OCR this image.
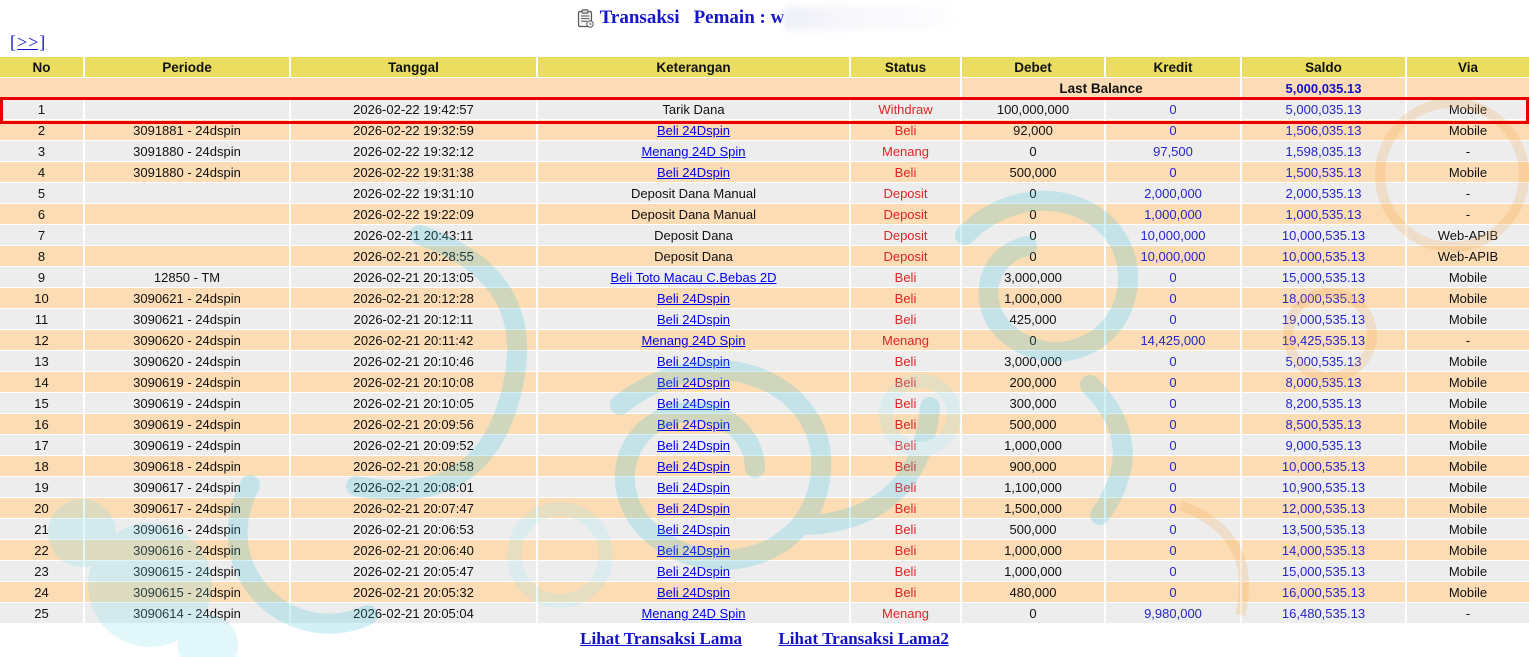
Transaksi Pemain : w
[>>]
No	Periode	Tanggal	Keterangan	Status	Debet	Kredit	Saldo	Via
					Last Balance		5,000,035.13	
1		2026-02-22 19:42:57	Tarik Dana	Withdraw	100,000,000	0	5,000,035.13	Mobile
2	3091881 - 24dspin	2026-02-22 19:32:59	Beli 24Dspin	Beli	92,000	0	1,506,035.13	Mobile
3	3091880 - 24dspin	2026-02-22 19:32:12	Menang 24D Spin	Menang	0	97,500	1,598,035.13	-
4	3091880 - 24dspin	2026-02-22 19:31:38	Beli 24Dspin	Beli	500,000	0	1,500,535.13	Mobile
5		2026-02-22 19:31:10	Deposit Dana Manual	Deposit	0	2,000,000	2,000,535.13	-
6		2026-02-22 19:22:09	Deposit Dana Manual	Deposit	0	1,000,000	1,000,535.13	-
7		2026-02-21 20:43:11	Deposit Dana	Deposit	0	10,000,000	10,000,535.13	Web-APIB
8		2026-02-21 20:28:55	Deposit Dana	Deposit	0	10,000,000	10,000,535.13	Web-APIB
9	12850 - TM	2026-02-21 20:13:05	Beli Toto Macau C.Bebas 2D	Beli	3,000,000	0	15,000,535.13	Mobile
10	3090621 - 24dspin	2026-02-21 20:12:28	Beli 24Dspin	Beli	1,000,000	0	18,000,535.13	Mobile
11	3090621 - 24dspin	2026-02-21 20:12:11	Beli 24Dspin	Beli	425,000	0	19,000,535.13	Mobile
12	3090620 - 24dspin	2026-02-21 20:11:42	Menang 24D Spin	Menang	0	14,425,000	19,425,535.13	-
13	3090620 - 24dspin	2026-02-21 20:10:46	Beli 24Dspin	Beli	3,000,000	0	5,000,535.13	Mobile
14	3090619 - 24dspin	2026-02-21 20:10:08	Beli 24Dspin	Beli	200,000	0	8,000,535.13	Mobile
15	3090619 - 24dspin	2026-02-21 20:10:05	Beli 24Dspin	Beli	300,000	0	8,200,535.13	Mobile
16	3090619 - 24dspin	2026-02-21 20:09:56	Beli 24Dspin	Beli	500,000	0	8,500,535.13	Mobile
17	3090619 - 24dspin	2026-02-21 20:09:52	Beli 24Dspin	Beli	1,000,000	0	9,000,535.13	Mobile
18	3090618 - 24dspin	2026-02-21 20:08:58	Beli 24Dspin	Beli	900,000	0	10,000,535.13	Mobile
19	3090617 - 24dspin	2026-02-21 20:08:01	Beli 24Dspin	Beli	1,100,000	0	10,900,535.13	Mobile
20	3090617 - 24dspin	2026-02-21 20:07:47	Beli 24Dspin	Beli	1,500,000	0	12,000,535.13	Mobile
21	3090616 - 24dspin	2026-02-21 20:06:53	Beli 24Dspin	Beli	500,000	0	13,500,535.13	Mobile
22	3090616 - 24dspin	2026-02-21 20:06:40	Beli 24Dspin	Beli	1,000,000	0	14,000,535.13	Mobile
23	3090615 - 24dspin	2026-02-21 20:05:47	Beli 24Dspin	Beli	1,000,000	0	15,000,535.13	Mobile
24	3090615 - 24dspin	2026-02-21 20:05:32	Beli 24Dspin	Beli	480,000	0	16,000,535.13	Mobile
25	3090614 - 24dspin	2026-02-21 20:05:04	Menang 24D Spin	Menang	0	9,980,000	16,480,535.13	-
Lihat Transaksi Lama Lihat Transaksi Lama2
